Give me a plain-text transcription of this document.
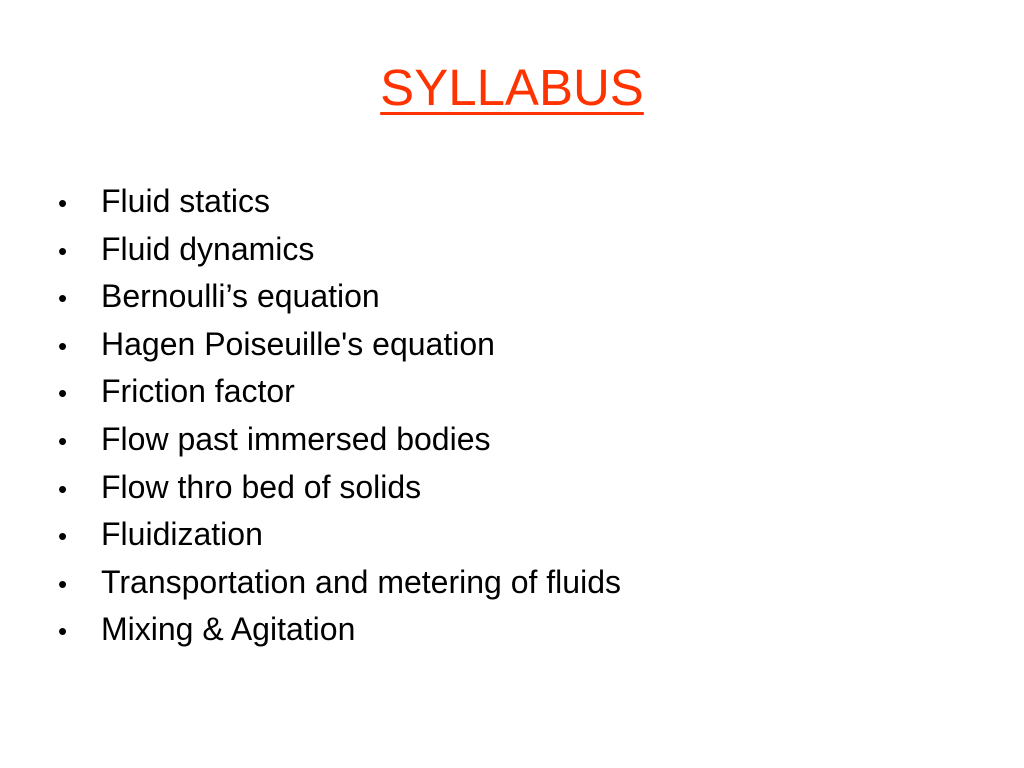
SYLLABUS
•	Fluid statics
•	Fluid dynamics
•	Bernoulli’s equation
•	Hagen Poiseuille's equation
•	Friction factor
•	Flow past immersed bodies
•	Flow thro bed of solids
•	Fluidization
•	Transportation and metering of fluids
•	Mixing & Agitation
